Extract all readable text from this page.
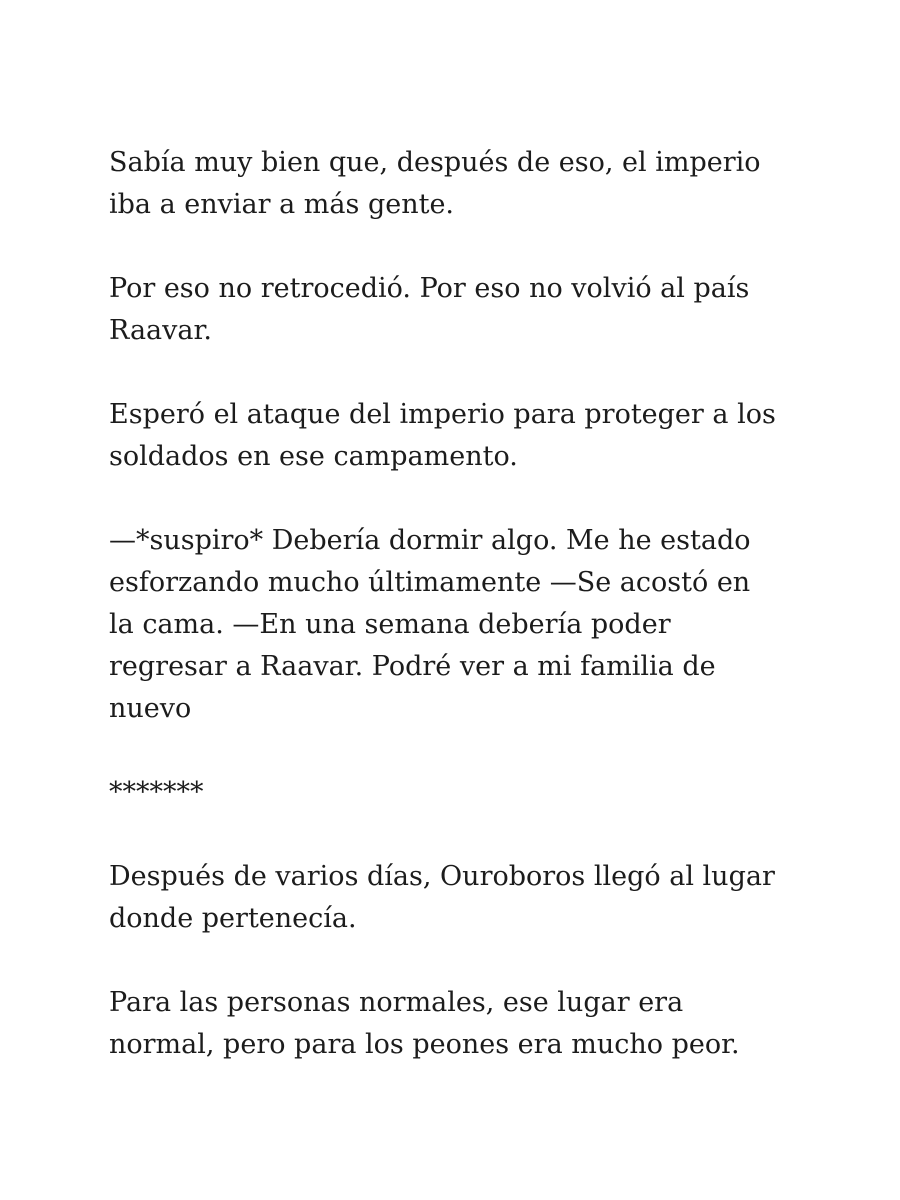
Sabía muy bien que, después de eso, el imperio
iba a enviar a más gente.

Por eso no retrocedió. Por eso no volvió al país
Raavar.

Esperó el ataque del imperio para proteger a los
soldados en ese campamento.

—*suspiro* Debería dormir algo. Me he estado
esforzando mucho últimamente —Se acostó en
la cama. —En una semana debería poder
regresar a Raavar. Podré ver a mi familia de
nuevo

*******

Después de varios días, Ouroboros llegó al lugar
donde pertenecía.

Para las personas normales, ese lugar era
normal, pero para los peones era mucho peor.
